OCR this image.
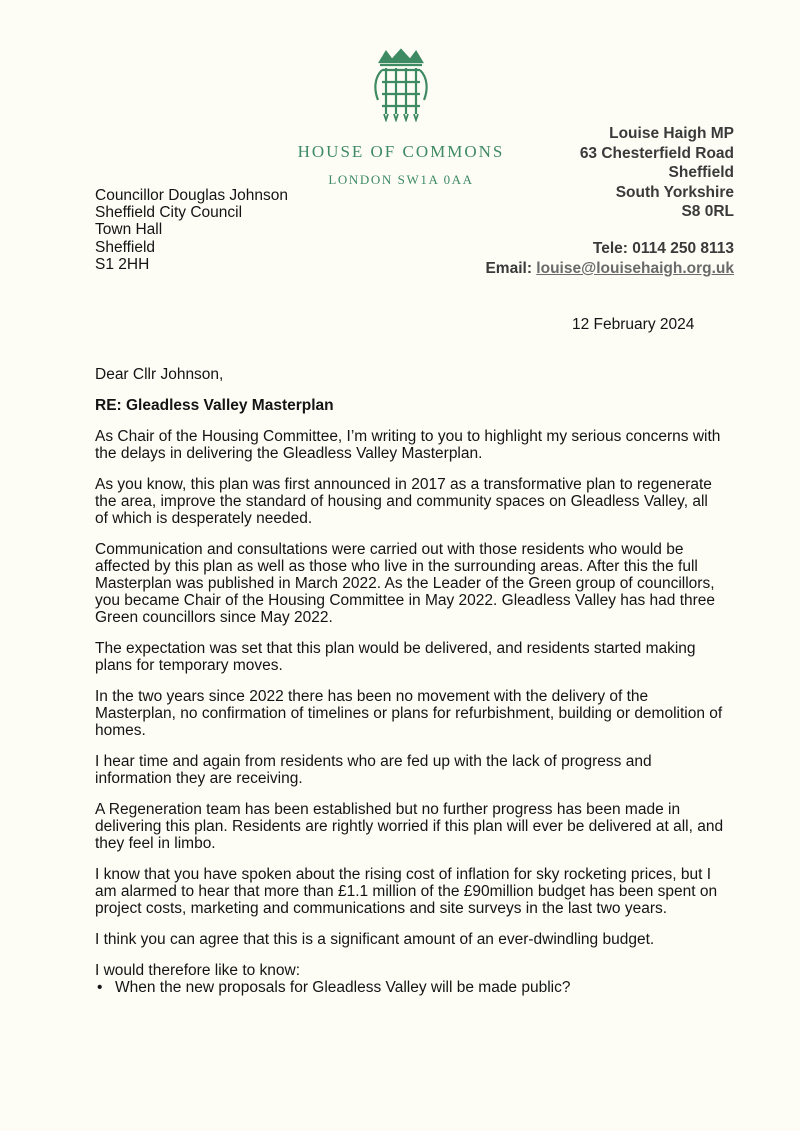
HOUSE OF COMMONS
LONDON SW1A 0AA
Louise Haigh MP
63 Chesterfield Road
Sheffield
South Yorkshire
S8 0RL
Tele: 0114 250 8113
Email: louise@louisehaigh.org.uk
Councillor Douglas Johnson
Sheffield City Council
Town Hall
Sheffield
S1 2HH
12 February 2024

Dear Cllr Johnson,

RE: Gleadless Valley Masterplan

As Chair of the Housing Committee, I’m writing to you to highlight my serious concerns with the delays in delivering the Gleadless Valley Masterplan.

As you know, this plan was first announced in 2017 as a transformative plan to regenerate the area, improve the standard of housing and community spaces on Gleadless Valley, all of which is desperately needed.

Communication and consultations were carried out with those residents who would be affected by this plan as well as those who live in the surrounding areas. After this the full Masterplan was published in March 2022. As the Leader of the Green group of councillors, you became Chair of the Housing Committee in May 2022. Gleadless Valley has had three Green councillors since May 2022.

The expectation was set that this plan would be delivered, and residents started making plans for temporary moves.

In the two years since 2022 there has been no movement with the delivery of the Masterplan, no confirmation of timelines or plans for refurbishment, building or demolition of homes.

I hear time and again from residents who are fed up with the lack of progress and information they are receiving.

A Regeneration team has been established but no further progress has been made in delivering this plan. Residents are rightly worried if this plan will ever be delivered at all, and they feel in limbo.

I know that you have spoken about the rising cost of inflation for sky rocketing prices, but I am alarmed to hear that more than £1.1 million of the £90million budget has been spent on project costs, marketing and communications and site surveys in the last two years.

I think you can agree that this is a significant amount of an ever-dwindling budget.

I would therefore like to know:

• When the new proposals for Gleadless Valley will be made public?
